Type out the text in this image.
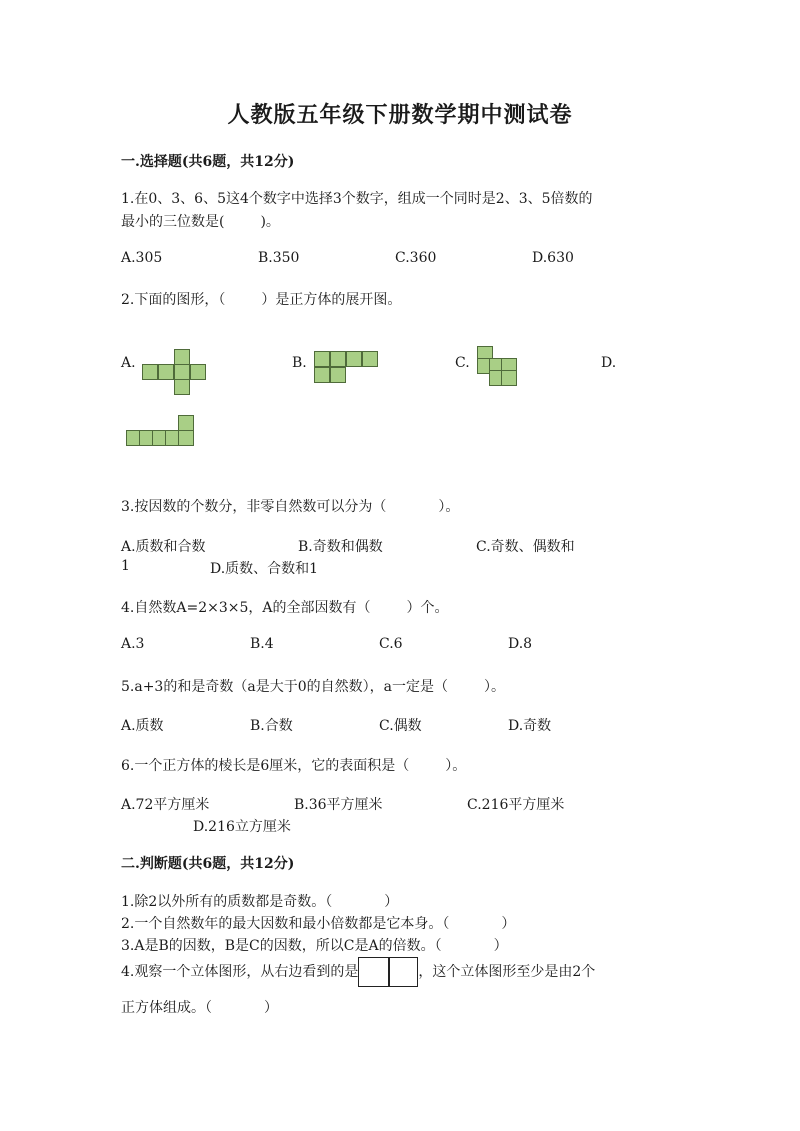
人教版五年级下册数学期中测试卷
一.选择题(共6题，共12分)
1.在0、3、6、5这4个数字中选择3个数字，组成一个同时是2、3、5倍数的
最小的三位数是(	)。
A.305	B.350	C.360	D.630
2.下面的图形，（	）是正方体的展开图。
A.	B.	C.	D.
3.按因数的个数分，非零自然数可以分为（	）。
A.质数和合数	B.奇数和偶数	C.奇数、偶数和
1	D.质数、合数和1
4.自然数A=2×3×5，A的全部因数有（	）个。
A.3	B.4	C.6	D.8
5.a+3的和是奇数（a是大于0的自然数），a一定是（	）。
A.质数	B.合数	C.偶数	D.奇数
6.一个正方体的棱长是6厘米，它的表面积是（	）。
A.72平方厘米	B.36平方厘米	C.216平方厘米
D.216立方厘米
二.判断题(共6题，共12分)
1.除2以外所有的质数都是奇数。（	）
2.一个自然数年的最大因数和最小倍数都是它本身。（	）
3.A是B的因数，B是C的因数，所以C是A的倍数。（	）
4.观察一个立体图形，从右边看到的是	，这个立体图形至少是由2个
正方体组成。（	）
